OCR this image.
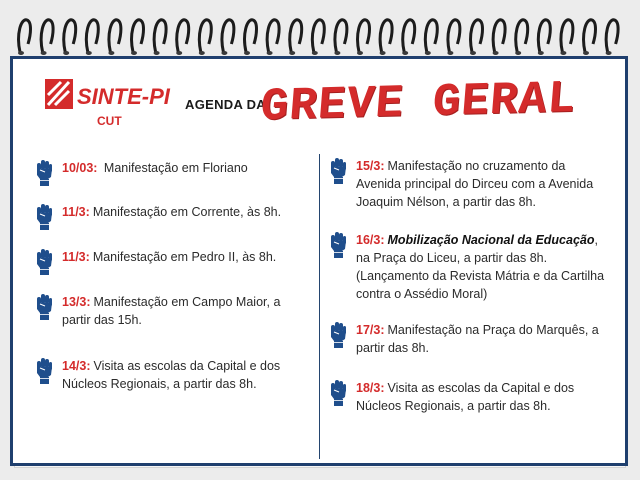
SINTE-PI
CUT
AGENDA DA
GREVE GERAL
10/03: Manifestação em Floriano
11/3: Manifestação em Corrente, às 8h.
11/3: Manifestação em Pedro II, às 8h.
13/3: Manifestação em Campo Maior, a partir das 15h.
14/3: Visita as escolas da Capital e dos Núcleos Regionais, a partir das 8h.
15/3: Manifestação no cruzamento da Avenida principal do Dirceu com a Avenida Joaquim Nélson, a partir das 8h.
16/3: Mobilização Nacional da Educação, na Praça do Liceu, a partir das 8h. (Lançamento da Revista Mátria e da Cartilha contra o Assédio Moral)
17/3: Manifestação na Praça do Marquês, a partir das 8h.
18/3: Visita as escolas da Capital e dos Núcleos Regionais, a partir das 8h.
